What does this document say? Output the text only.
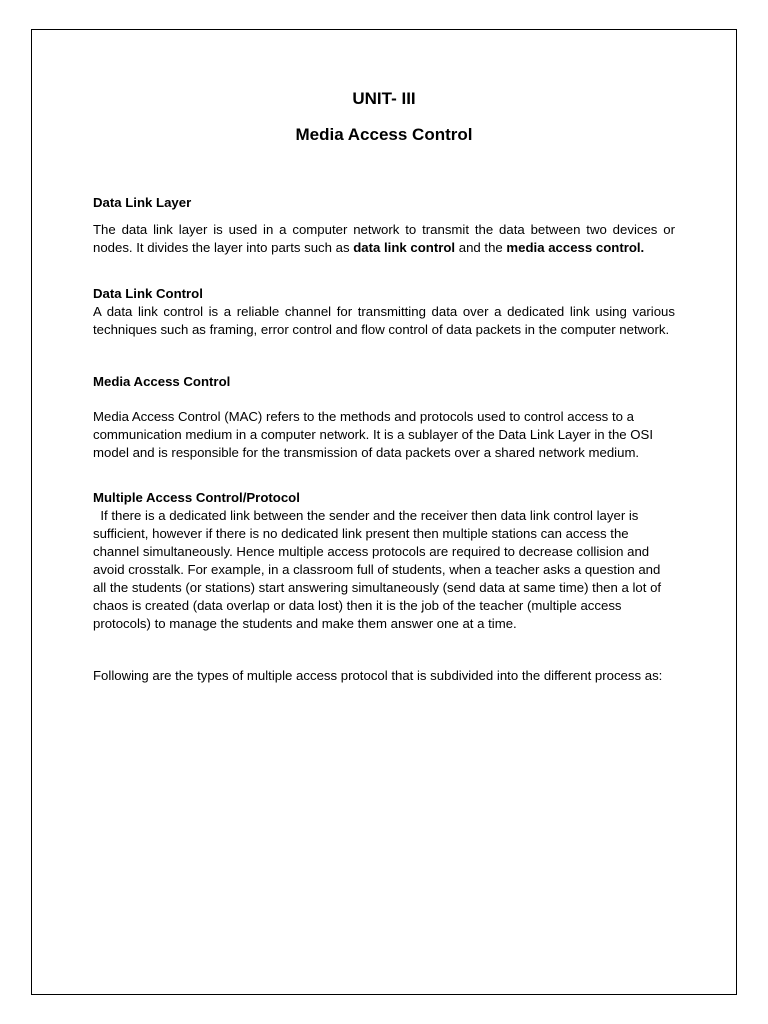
UNIT- III
Media Access Control
Data Link Layer

The data link layer is used in a computer network to transmit the data between two devices or nodes. It divides the layer into parts such as data link control and the media access control.

Data Link Control

A data link control is a reliable channel for transmitting data over a dedicated link using various techniques such as framing, error control and flow control of data packets in the computer network.

Media Access Control

Media Access Control (MAC) refers to the methods and protocols used to control access to a communication medium in a computer network. It is a sublayer of the Data Link Layer in the OSI model and is responsible for the transmission of data packets over a shared network medium.

Multiple Access Control/Protocol

If there is a dedicated link between the sender and the receiver then data link control layer is sufficient, however if there is no dedicated link present then multiple stations can access the channel simultaneously. Hence multiple access protocols are required to decrease collision and avoid crosstalk. For example, in a classroom full of students, when a teacher asks a question and all the students (or stations) start answering simultaneously (send data at same time) then a lot of chaos is created (data overlap or data lost) then it is the job of the teacher (multiple access protocols) to manage the students and make them answer one at a time.

Following are the types of multiple access protocol that is subdivided into the different process as:
